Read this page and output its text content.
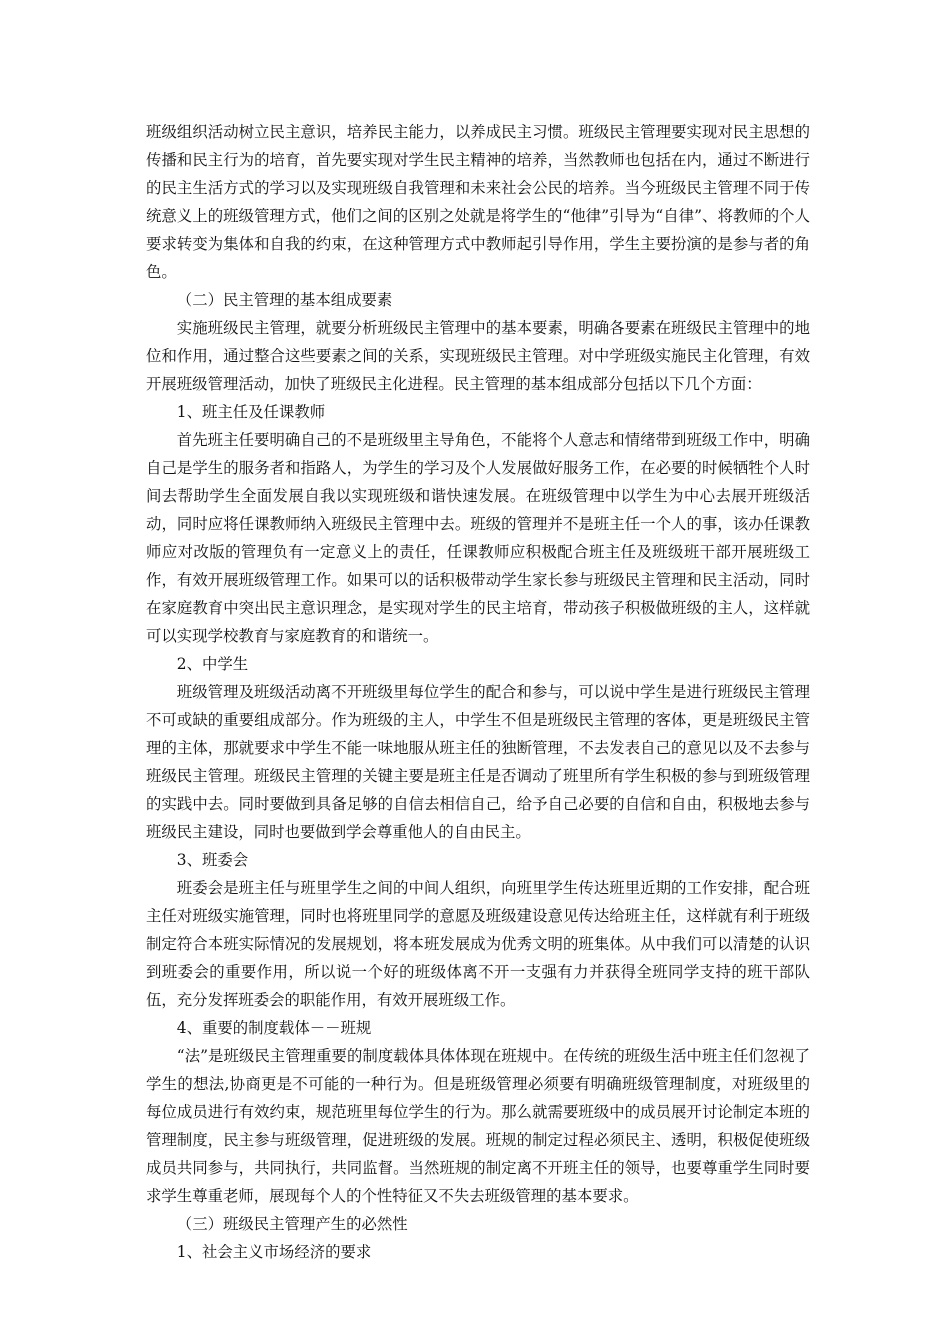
班级组织活动树立民主意识，培养民主能力，以养成民主习惯。班级民主管理要实现对民主思想的传播和民主行为的培育，首先要实现对学生民主精神的培养，当然教师也包括在内，通过不断进行的民主生活方式的学习以及实现班级自我管理和未来社会公民的培养。当今班级民主管理不同于传统意义上的班级管理方式，他们之间的区别之处就是将学生的“他律”引导为“自律”、将教师的个人要求转变为集体和自我的约束，在这种管理方式中教师起引导作用，学生主要扮演的是参与者的角色。

（二）民主管理的基本组成要素

实施班级民主管理，就要分析班级民主管理中的基本要素，明确各要素在班级民主管理中的地位和作用，通过整合这些要素之间的关系，实现班级民主管理。对中学班级实施民主化管理，有效开展班级管理活动，加快了班级民主化进程。民主管理的基本组成部分包括以下几个方面：

1、班主任及任课教师

首先班主任要明确自己的不是班级里主导角色，不能将个人意志和情绪带到班级工作中，明确自己是学生的服务者和指路人，为学生的学习及个人发展做好服务工作，在必要的时候牺牲个人时间去帮助学生全面发展自我以实现班级和谐快速发展。在班级管理中以学生为中心去展开班级活动，同时应将任课教师纳入班级民主管理中去。班级的管理并不是班主任一个人的事，该办任课教师应对改版的管理负有一定意义上的责任，任课教师应积极配合班主任及班级班干部开展班级工作，有效开展班级管理工作。如果可以的话积极带动学生家长参与班级民主管理和民主活动，同时在家庭教育中突出民主意识理念，是实现对学生的民主培育，带动孩子积极做班级的主人，这样就可以实现学校教育与家庭教育的和谐统一。

2、中学生

班级管理及班级活动离不开班级里每位学生的配合和参与，可以说中学生是进行班级民主管理不可或缺的重要组成部分。作为班级的主人，中学生不但是班级民主管理的客体，更是班级民主管理的主体，那就要求中学生不能一味地服从班主任的独断管理，不去发表自己的意见以及不去参与班级民主管理。班级民主管理的关键主要是班主任是否调动了班里所有学生积极的参与到班级管理的实践中去。同时要做到具备足够的自信去相信自己，给予自己必要的自信和自由，积极地去参与班级民主建设，同时也要做到学会尊重他人的自由民主。

3、班委会

班委会是班主任与班里学生之间的中间人组织，向班里学生传达班里近期的工作安排，配合班主任对班级实施管理，同时也将班里同学的意愿及班级建设意见传达给班主任，这样就有利于班级制定符合本班实际情况的发展规划，将本班发展成为优秀文明的班集体。从中我们可以清楚的认识到班委会的重要作用，所以说一个好的班级体离不开一支强有力并获得全班同学支持的班干部队伍，充分发挥班委会的职能作用，有效开展班级工作。

4、重要的制度载体－－班规

“法”是班级民主管理重要的制度载体具体体现在班规中。在传统的班级生活中班主任们忽视了学生的想法,协商更是不可能的一种行为。但是班级管理必须要有明确班级管理制度，对班级里的每位成员进行有效约束，规范班里每位学生的行为。那么就需要班级中的成员展开讨论制定本班的管理制度，民主参与班级管理，促进班级的发展。班规的制定过程必须民主、透明，积极促使班级成员共同参与，共同执行，共同监督。当然班规的制定离不开班主任的领导，也要尊重学生同时要求学生尊重老师，展现每个人的个性特征又不失去班级管理的基本要求。

（三）班级民主管理产生的必然性

1、社会主义市场经济的要求
